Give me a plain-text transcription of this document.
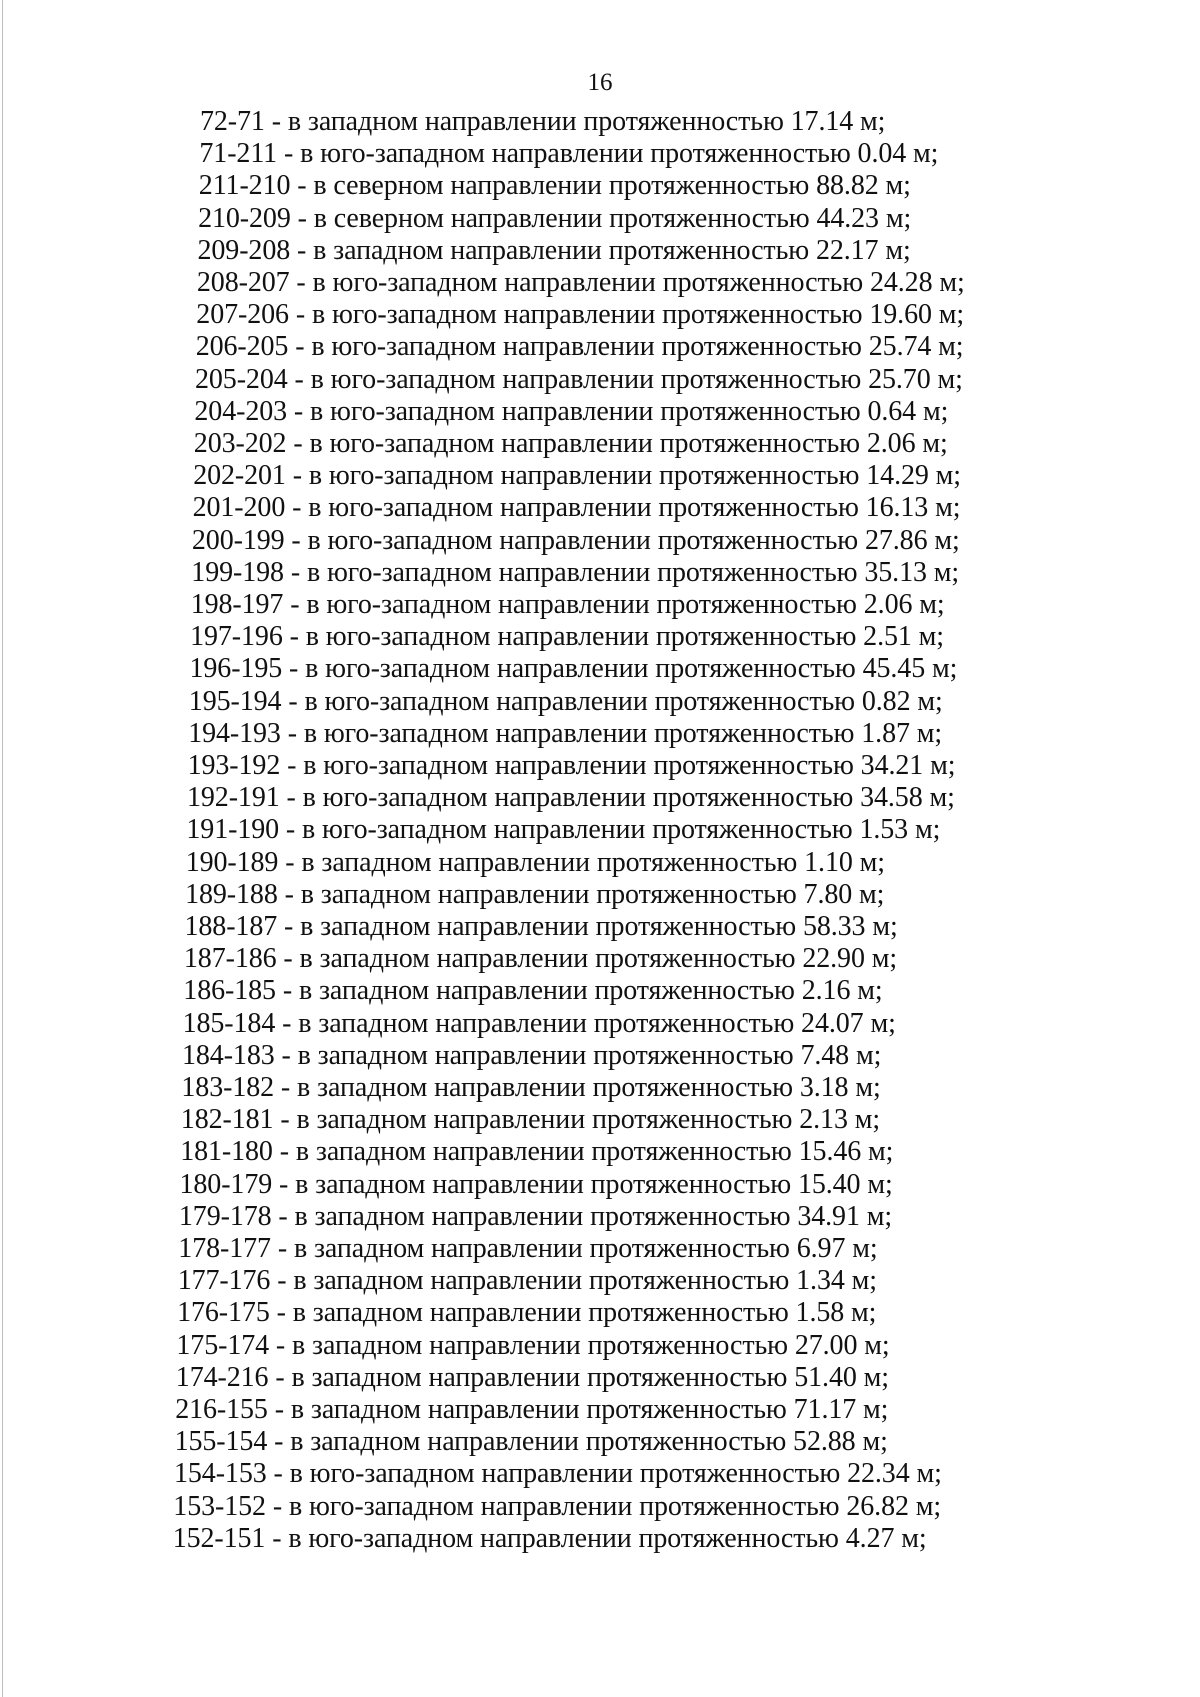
16
72-71 - в западном направлении протяженностью 17.14 м;
71-211 - в юго-западном направлении протяженностью 0.04 м;
211-210 - в северном направлении протяженностью 88.82 м;
210-209 - в северном направлении протяженностью 44.23 м;
209-208 - в западном направлении протяженностью 22.17 м;
208-207 - в юго-западном направлении протяженностью 24.28 м;
207-206 - в юго-западном направлении протяженностью 19.60 м;
206-205 - в юго-западном направлении протяженностью 25.74 м;
205-204 - в юго-западном направлении протяженностью 25.70 м;
204-203 - в юго-западном направлении протяженностью 0.64 м;
203-202 - в юго-западном направлении протяженностью 2.06 м;
202-201 - в юго-западном направлении протяженностью 14.29 м;
201-200 - в юго-западном направлении протяженностью 16.13 м;
200-199 - в юго-западном направлении протяженностью 27.86 м;
199-198 - в юго-западном направлении протяженностью 35.13 м;
198-197 - в юго-западном направлении протяженностью 2.06 м;
197-196 - в юго-западном направлении протяженностью 2.51 м;
196-195 - в юго-западном направлении протяженностью 45.45 м;
195-194 - в юго-западном направлении протяженностью 0.82 м;
194-193 - в юго-западном направлении протяженностью 1.87 м;
193-192 - в юго-западном направлении протяженностью 34.21 м;
192-191 - в юго-западном направлении протяженностью 34.58 м;
191-190 - в юго-западном направлении протяженностью 1.53 м;
190-189 - в западном направлении протяженностью 1.10 м;
189-188 - в западном направлении протяженностью 7.80 м;
188-187 - в западном направлении протяженностью 58.33 м;
187-186 - в западном направлении протяженностью 22.90 м;
186-185 - в западном направлении протяженностью 2.16 м;
185-184 - в западном направлении протяженностью 24.07 м;
184-183 - в западном направлении протяженностью 7.48 м;
183-182 - в западном направлении протяженностью 3.18 м;
182-181 - в западном направлении протяженностью 2.13 м;
181-180 - в западном направлении протяженностью 15.46 м;
180-179 - в западном направлении протяженностью 15.40 м;
179-178 - в западном направлении протяженностью 34.91 м;
178-177 - в западном направлении протяженностью 6.97 м;
177-176 - в западном направлении протяженностью 1.34 м;
176-175 - в западном направлении протяженностью 1.58 м;
175-174 - в западном направлении протяженностью 27.00 м;
174-216 - в западном направлении протяженностью 51.40 м;
216-155 - в западном направлении протяженностью 71.17 м;
155-154 - в западном направлении протяженностью 52.88 м;
154-153 - в юго-западном направлении протяженностью 22.34 м;
153-152 - в юго-западном направлении протяженностью 26.82 м;
152-151 - в юго-западном направлении протяженностью 4.27 м;
